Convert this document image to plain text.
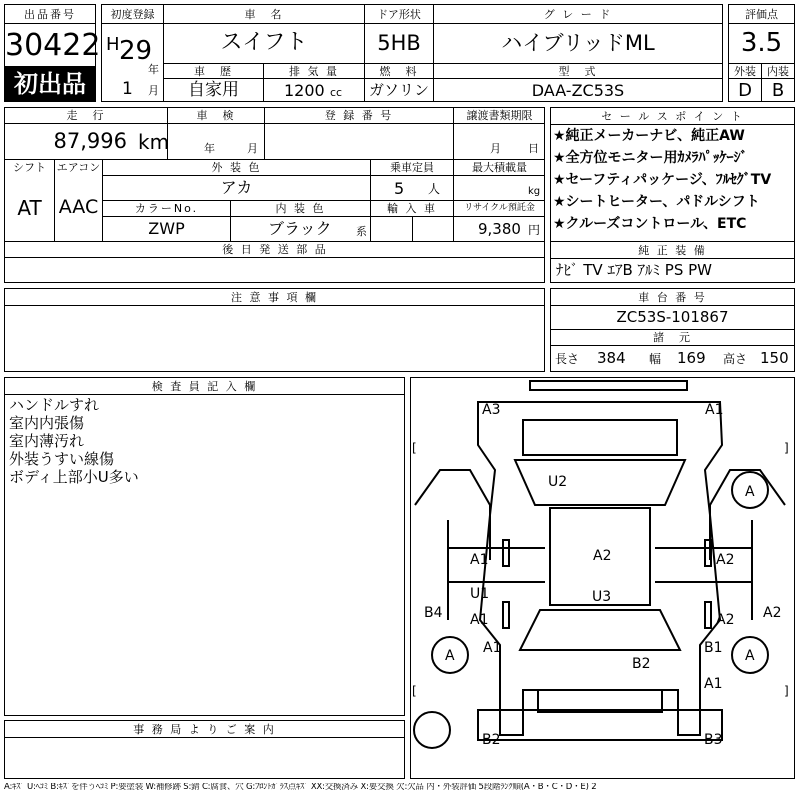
出品番号
30422
初出品
初度登録
H 29
年
1 月
車　名
スイフト
ドア形状
5HB
グ レ ー ド
ハイブリッドML
車　歴
自家用
排 気 量
1200 cc
燃　料
ガソリン
型　式
DAA-ZC53S
評価点
3.5
外装	内装
D	B
走　行
87,996 km
車　検
年	月
登 録 番 号	譲渡書類期限
月 日
シフト
AT
エアコン
AAC
外 装 色
アカ
乗車定員
5 人
最大積載量
kg
カラーNo.
ZWP
内 装 色
ブラック 系
輸 入 車	リサイクル預託金
9,380 円
後 日 発 送 部 品
セ ー ル ス ポ イ ン ト
★純正メーカーナビ、純正AW
★全方位モニター用ｶﾒﾗﾊﾟｯｹｰｼﾞ
★セーフティパッケージ、ﾌﾙｾｸﾞTV
★シートヒーター、パドルシフト
★クルーズコントロール、ETC
純 正 装 備
ﾅﾋﾞ TV ｴｱB ｱﾙﾐ PS PW
注 意 事 項 欄	車 台 番 号
ZC53S-101867
諸　元
長さ 384 幅 169 高さ 150
検 査 員 記 入 欄
ハンドルすれ
室内内張傷
室内薄汚れ
外装うすい線傷
ボディ上部小U多い
事 務 局 よ り ご 案 内
A3	A1
U2
A
A1	A2	A2
U1	U3
A1	A2
B4	A2
A A1	B1 A
B2
A1
B2	B3
[	]
[	]
A:ｷｽﾞ U:ﾍｺﾐ B:ｷｽﾞを伴うﾍｺﾐ P:要塗装 W:補修跡 S:錆 C:腐食、穴 G:ﾌﾛﾝﾄｶﾞﾗｽ点ｷｽﾞ XX:交換済み X:要交換 欠:欠品 内・外装評価 5段階ﾗﾝｸ順(A・B・C・D・E) 2
